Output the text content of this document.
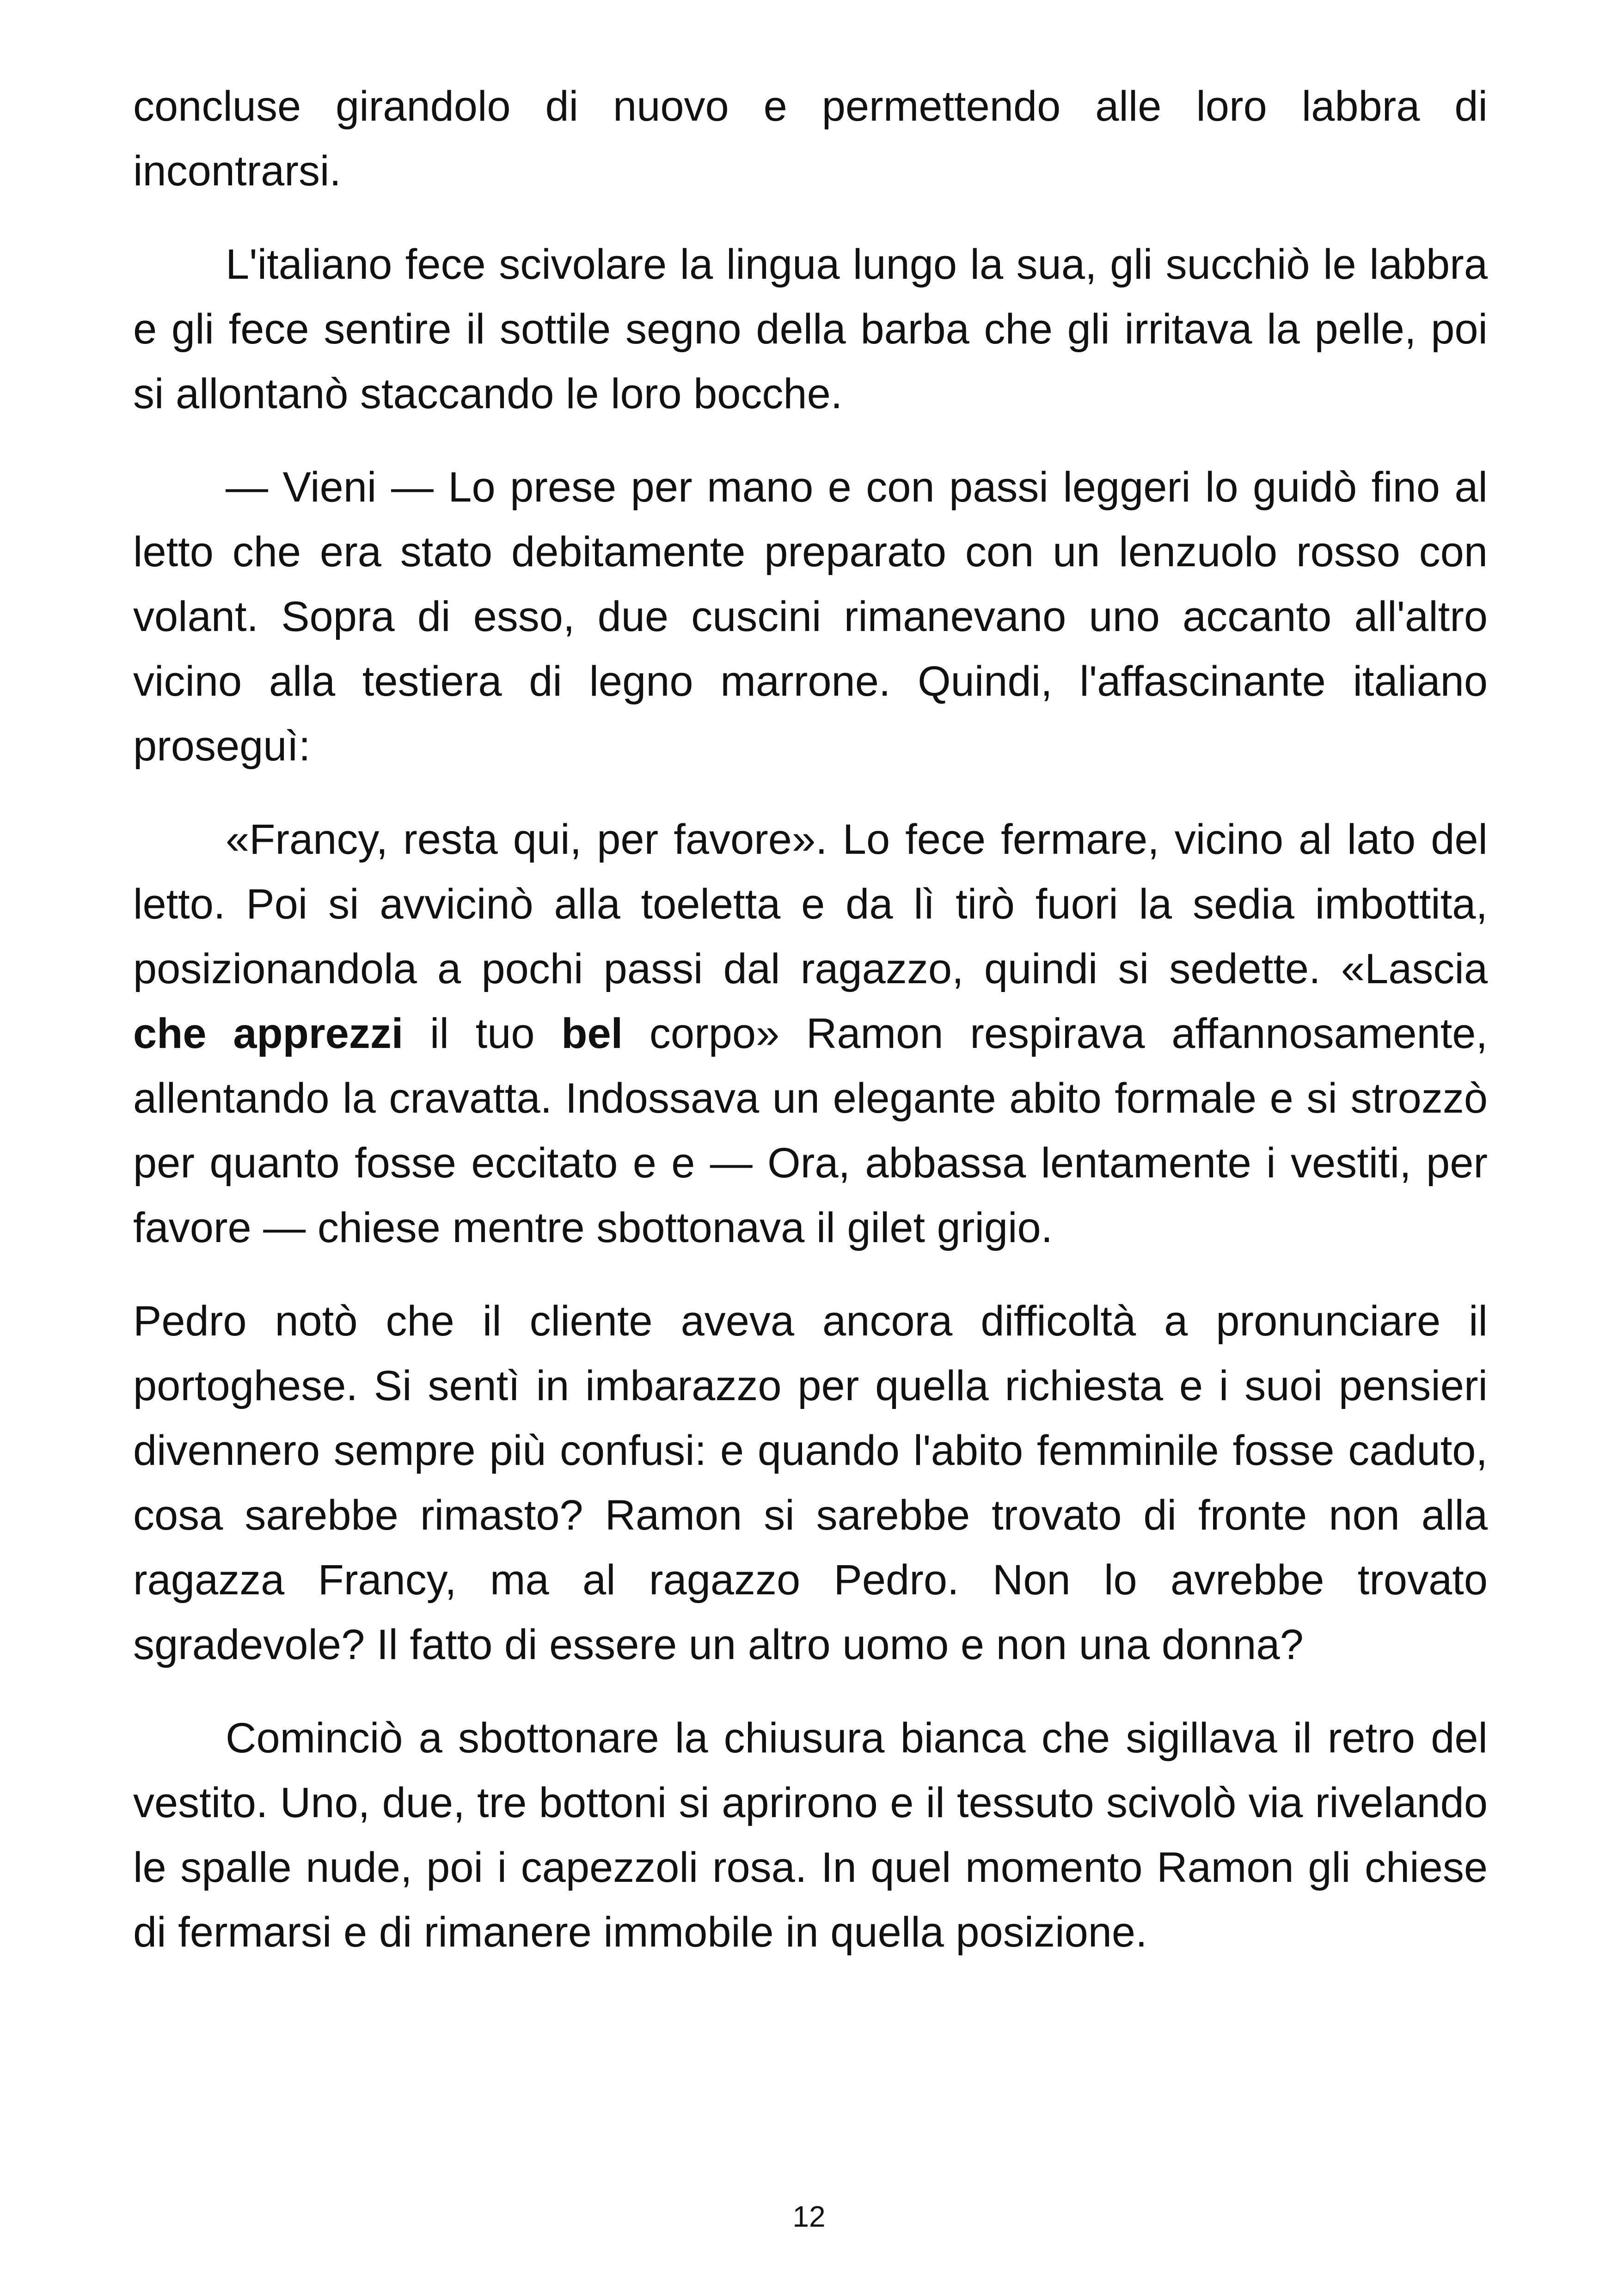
concluse girandolo di nuovo e permettendo alle loro labbra di incontrarsi.

L'italiano fece scivolare la lingua lungo la sua, gli succhiò le labbra e gli fece sentire il sottile segno della barba che gli irritava la pelle, poi si allontanò staccando le loro bocche.

— Vieni — Lo prese per mano e con passi leggeri lo guidò fino al letto che era stato debitamente preparato con un lenzuolo rosso con volant. Sopra di esso, due cuscini rimanevano uno accanto all'altro vicino alla testiera di legno marrone. Quindi, l'affascinante italiano proseguì:

«Francy, resta qui, per favore». Lo fece fermare, vicino al lato del letto. Poi si avvicinò alla toeletta e da lì tirò fuori la sedia imbottita, posizionandola a pochi passi dal ragazzo, quindi si sedette. «Lascia che apprezzi il tuo bel corpo» Ramon respirava affannosamente, allentando la cravatta. Indossava un elegante abito formale e si strozzò per quanto fosse eccitato e e — Ora, abbassa lentamente i vestiti, per favore — chiese mentre sbottonava il gilet grigio.

Pedro notò che il cliente aveva ancora difficoltà a pronunciare il portoghese. Si sentì in imbarazzo per quella richiesta e i suoi pensieri divennero sempre più confusi: e quando l'abito femminile fosse caduto, cosa sarebbe rimasto? Ramon si sarebbe trovato di fronte non alla ragazza Francy, ma al ragazzo Pedro. Non lo avrebbe trovato sgradevole? Il fatto di essere un altro uomo e non una donna?

Cominciò a sbottonare la chiusura bianca che sigillava il retro del vestito. Uno, due, tre bottoni si aprirono e il tessuto scivolò via rivelando le spalle nude, poi i capezzoli rosa. In quel momento Ramon gli chiese di fermarsi e di rimanere immobile in quella posizione.

12
